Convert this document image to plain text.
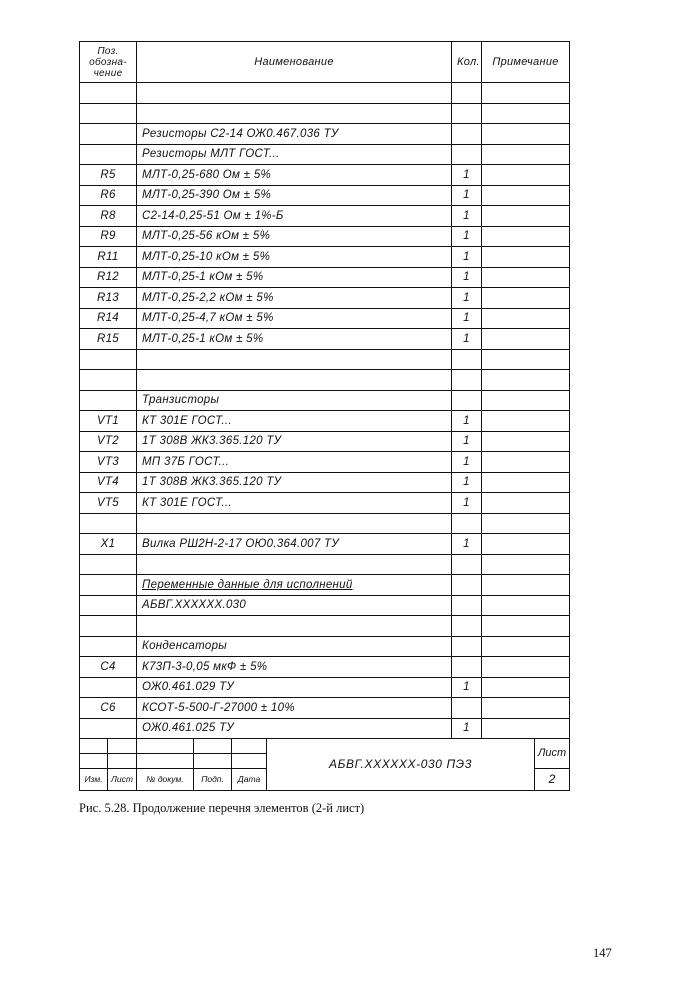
Поз.
обозна-
чение	Наименование	Кол.	Примечание

	Резисторы С2-14 ОЖ0.467.036 ТУ		
	Резисторы МЛТ ГОСТ...		
R5	МЛТ-0,25-680 Ом ± 5%	1	
R6	МЛТ-0,25-390 Ом ± 5%	1	
R8	С2-14-0,25-51 Ом ± 1%-Б	1	
R9	МЛТ-0,25-56 кОм ± 5%	1	
R11	МЛТ-0,25-10 кОм ± 5%	1	
R12	МЛТ-0,25-1 кОм ± 5%	1	
R13	МЛТ-0,25-2,2 кОм ± 5%	1	
R14	МЛТ-0,25-4,7 кОм ± 5%	1	
R15	МЛТ-0,25-1 кОм ± 5%	1	

	Транзисторы		
VT1	КТ 301Е ГОСТ...	1	
VT2	1Т 308В ЖК3.365.120 ТУ	1	
VT3	МП 37Б ГОСТ...	1	
VT4	1Т 308В ЖК3.365.120 ТУ	1	
VT5	КТ 301Е ГОСТ...	1	

X1	Вилка РШ2Н-2-17 ОЮ0.364.007 ТУ	1	

	Переменные данные для исполнений		
	АБВГ.XXXXXX.030		

	Конденсаторы		
С4	К73П-3-0,05 мкФ ± 5%		
	ОЖ0.461.029 ТУ	1	
С6	КСОТ-5-500-Г-27000 ± 10%		
	ОЖ0.461.025 ТУ	1	
					АБВГ.XXXXXX-030 ПЭ3	Лист

Изм.	Лист	№ докум.	Подп.	Дата		2
Рис. 5.28. Продолжение перечня элементов (2-й лист)
147
